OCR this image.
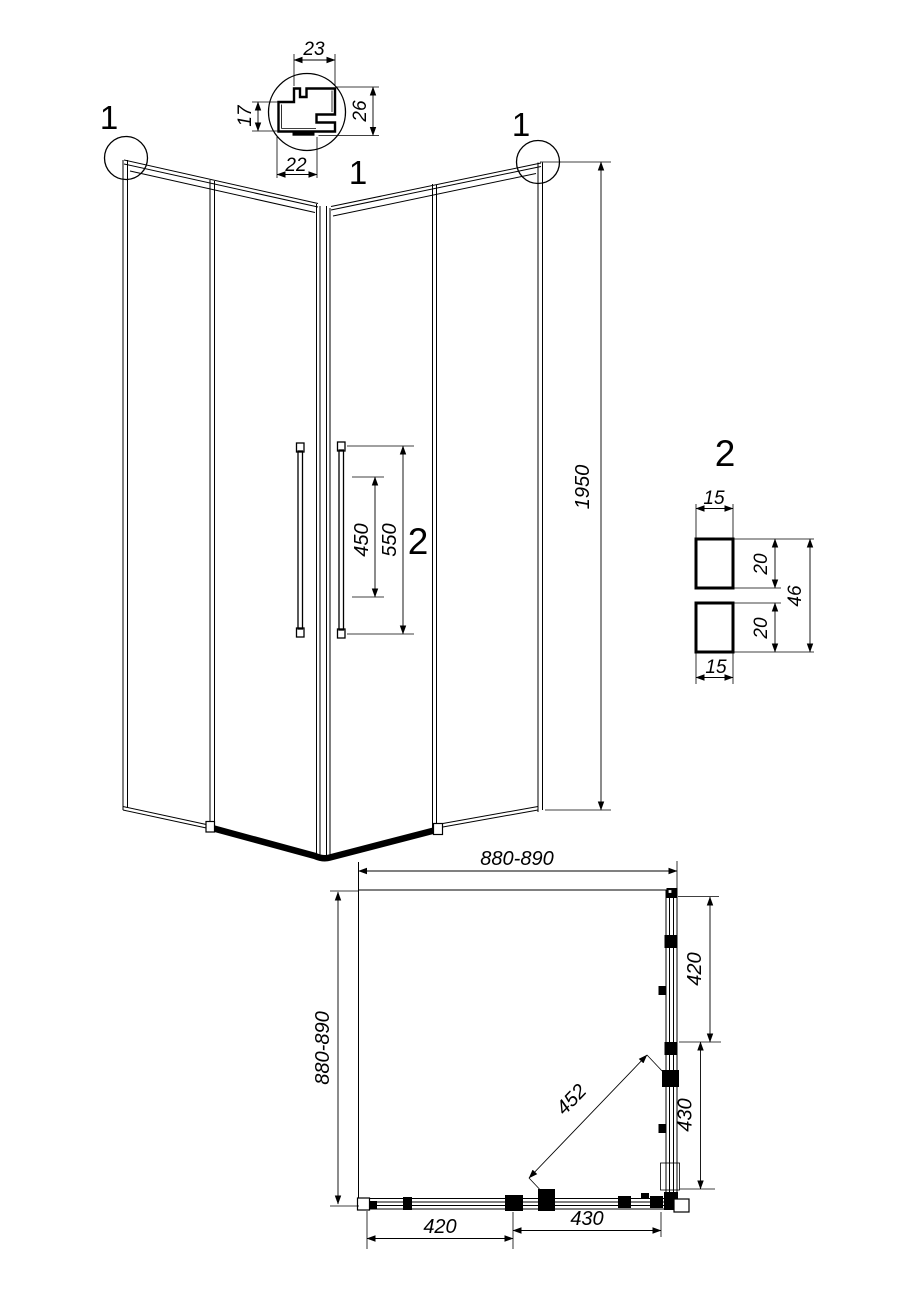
23
17	26
22 1
1	1
450 550 2
1950
2
15
20
20
46
15
880-890
880-890
420
430
420	430
452
